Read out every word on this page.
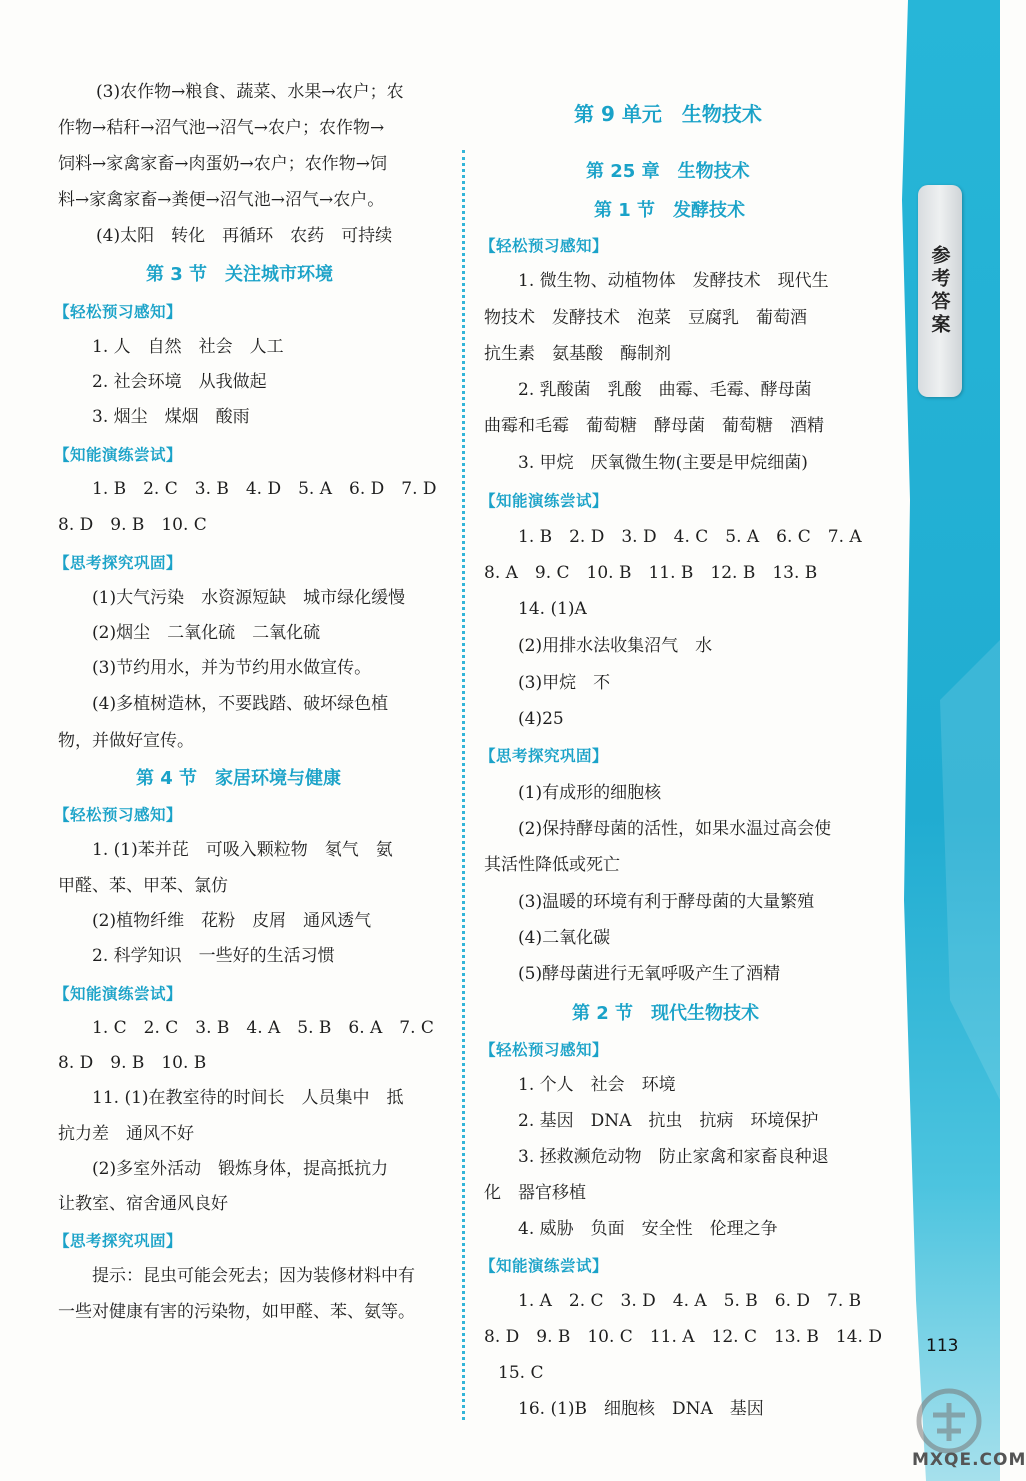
参考答案
113
MXQE.COM
(3)农作物→粮食、蔬菜、水果→农户；农
作物→秸秆→沼气池→沼气→农户；农作物→
饲料→家禽家畜→肉蛋奶→农户；农作物→饲
料→家禽家畜→粪便→沼气池→沼气→农户。
(4)太阳　转化　再循环　农药　可持续
第 3 节　关注城市环境
【轻松预习感知】
1. 人　自然　社会　人工
2. 社会环境　从我做起
3. 烟尘　煤烟　酸雨
【知能演练尝试】
1. B　2. C　3. B　4. D　5. A　6. D　7. D
8. D　9. B　10. C
【思考探究巩固】
(1)大气污染　水资源短缺　城市绿化缓慢
(2)烟尘　二氧化硫　二氧化硫
(3)节约用水，并为节约用水做宣传。
(4)多植树造林，不要践踏、破坏绿色植
物，并做好宣传。
第 4 节　家居环境与健康
【轻松预习感知】
1. (1)苯并芘　可吸入颗粒物　氡气　氨
甲醛、苯、甲苯、氯仿
(2)植物纤维　花粉　皮屑　通风透气
2. 科学知识　一些好的生活习惯
【知能演练尝试】
1. C　2. C　3. B　4. A　5. B　6. A　7. C
8. D　9. B　10. B
11. (1)在教室待的时间长　人员集中　抵
抗力差　通风不好
(2)多室外活动　锻炼身体，提高抵抗力
让教室、宿舍通风良好
【思考探究巩固】
提示：昆虫可能会死去；因为装修材料中有
一些对健康有害的污染物，如甲醛、苯、氨等。
第 9 单元　生物技术
第 25 章　生物技术
第 1 节　发酵技术
【轻松预习感知】
1. 微生物、动植物体　发酵技术　现代生
物技术　发酵技术　泡菜　豆腐乳　葡萄酒
抗生素　氨基酸　酶制剂
2. 乳酸菌　乳酸　曲霉、毛霉、酵母菌
曲霉和毛霉　葡萄糖　酵母菌　葡萄糖　酒精
3. 甲烷　厌氧微生物(主要是甲烷细菌)
【知能演练尝试】
1. B　2. D　3. D　4. C　5. A　6. C　7. A
8. A　9. C　10. B　11. B　12. B　13. B
14. (1)A
(2)用排水法收集沼气　水
(3)甲烷　不
(4)25
【思考探究巩固】
(1)有成形的细胞核
(2)保持酵母菌的活性，如果水温过高会使
其活性降低或死亡
(3)温暖的环境有利于酵母菌的大量繁殖
(4)二氧化碳
(5)酵母菌进行无氧呼吸产生了酒精
第 2 节　现代生物技术
【轻松预习感知】
1. 个人　社会　环境
2. 基因　DNA　抗虫　抗病　环境保护
3. 拯救濒危动物　防止家禽和家畜良种退
化　器官移植
4. 威胁　负面　安全性　伦理之争
【知能演练尝试】
1. A　2. C　3. D　4. A　5. B　6. D　7. B
8. D　9. B　10. C　11. A　12. C　13. B　14. D
15. C
16. (1)B　细胞核　DNA　基因
